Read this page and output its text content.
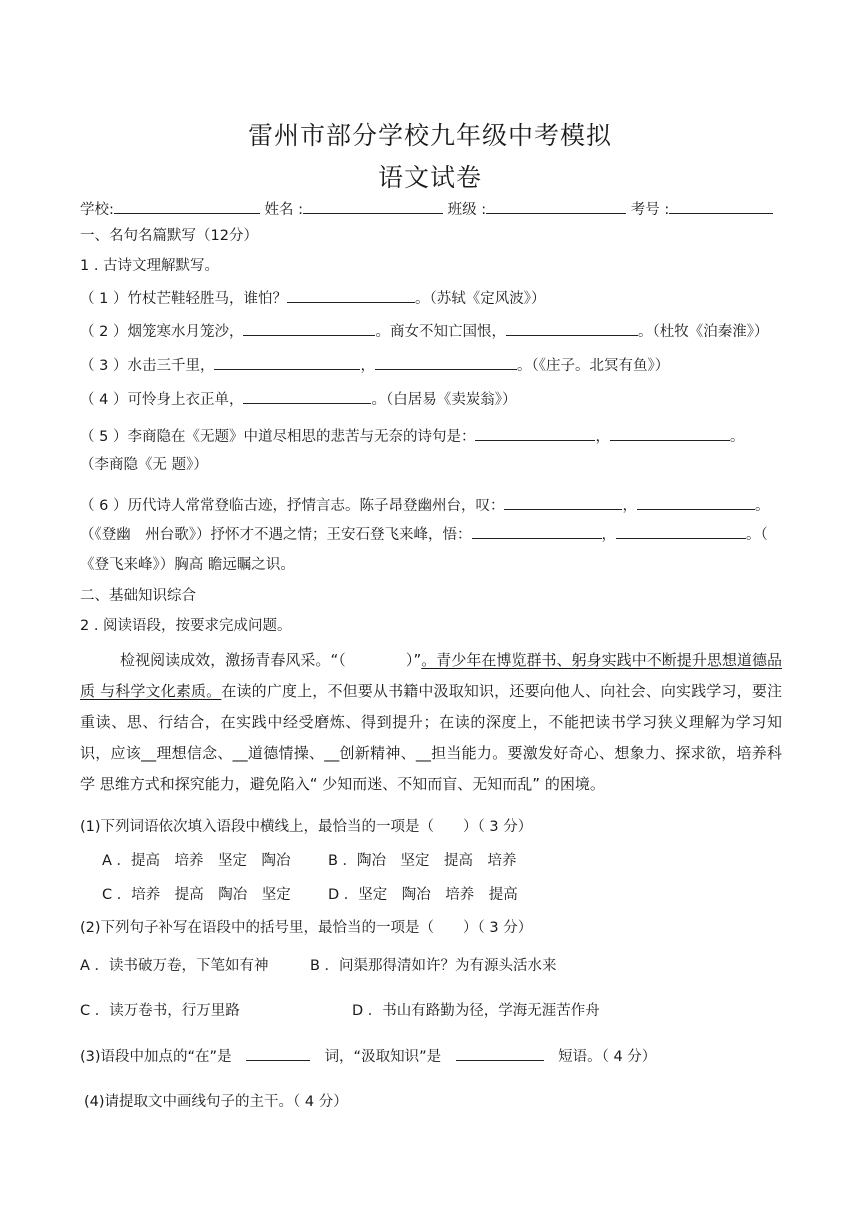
雷州市部分学校九年级中考模拟
语文试卷
学校:	姓名 :	班级 :	考号 :
一、名句名篇默写（12分）
1 . 古诗文理解默写。
（ 1 ）竹杖芒鞋轻胜马，谁怕？	。（苏轼《定风波》）
（ 2 ）烟笼寒水月笼沙，	。商女不知亡国恨，	。（杜牧《泊秦淮》）
（ 3 ）水击三千里，	，	。（《庄子。北冥有鱼》）
（ 4 ）可怜身上衣正单，	。（白居易《卖炭翁》）
（ 5 ）李商隐在《无题》中道尽相思的悲苦与无奈的诗句是：	，	。
（李商隐《无 题》）
（ 6 ）历代诗人常常登临古迹，抒情言志。陈子昂登幽州台，叹：	，	。
（《登幽　州台歌》）抒怀才不遇之情；王安石登飞来峰，悟：	，	。（
《登飞来峰》）胸高 瞻远瞩之识。
二、基础知识综合
2 . 阅读语段，按要求完成问题。
检视阅读成效，激扬青春风采。“（　　　　）”。青少年在博览群书、躬身实践中不断提升思想道德品质 与科学文化素质。在读的广度上，不但要从书籍中汲取知识，还要向他人、向社会、向实践学习，要注 重读、思、行结合，在实践中经受磨炼、得到提升；在读的深度上，不能把读书学习狭义理解为学习知 识，应该__理想信念、__道德情操、__创新精神、__担当能力。要激发好奇心、想象力、探求欲，培养科学 思维方式和探究能力，避免陷入“ 少知而迷、不知而盲、无知而乱” 的困境。
(1)下列词语依次填入语段中横线上，最恰当的一项是（　　）（ 3 分）
A ．提高　培养　坚定　陶冶	B ．陶冶　坚定　提高　培养
C ．培养　提高　陶冶　坚定	D ．坚定　陶冶　培养　提高
(2)下列句子补写在语段中的括号里，最恰当的一项是（　　）（ 3 分）
A ．读书破万卷，下笔如有神	B ．问渠那得清如许？为有源头活水来
C ．读万卷书，行万里路	D ．书山有路勤为径，学海无涯苦作舟
(3)语段中加点的“在”是　　	词，“汲取知识”是　　	短语。（ 4 分）
(4)请提取文中画线句子的主干。（ 4 分）
